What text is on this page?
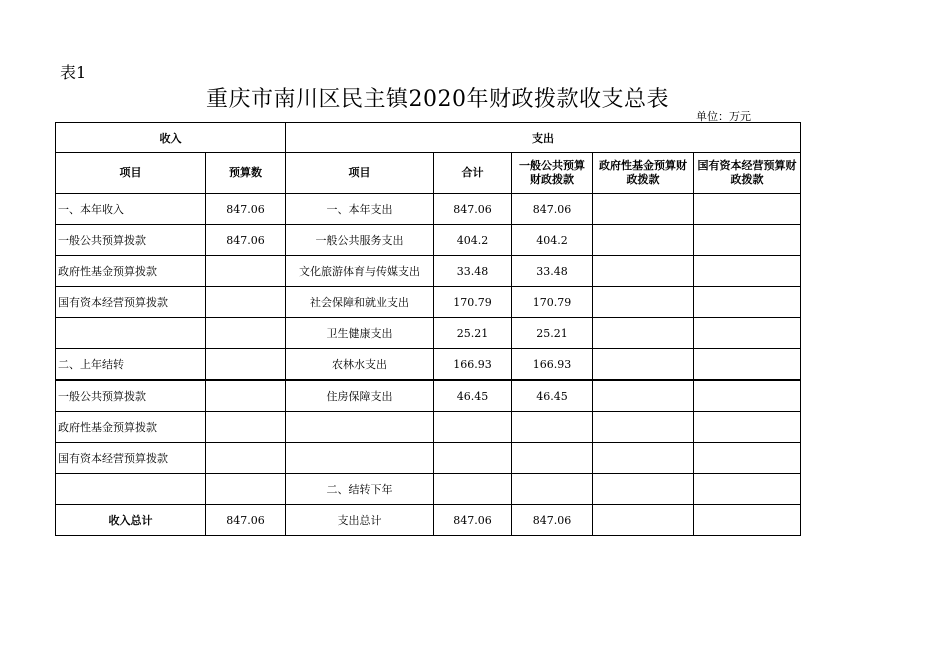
表1
重庆市南川区民主镇2020年财政拨款收支总表
单位：万元
收入		支出				
项目	预算数	项目	合计	一般公共预算财政拨款	政府性基金预算财政拨款	国有资本经营预算财政拨款
一、本年收入	847.06	一、本年支出	847.06	847.06		
一般公共预算拨款	847.06	一般公共服务支出	404.2	404.2		
政府性基金预算拨款		文化旅游体育与传媒支出	33.48	33.48		
国有资本经营预算拨款		社会保障和就业支出	170.79	170.79		
		卫生健康支出	25.21	25.21		
二、上年结转		农林水支出	166.93	166.93		
一般公共预算拨款		住房保障支出	46.45	46.45		
政府性基金预算拨款						
国有资本经营预算拨款						
		二、结转下年				
收入总计	847.06	支出总计	847.06	847.06		
